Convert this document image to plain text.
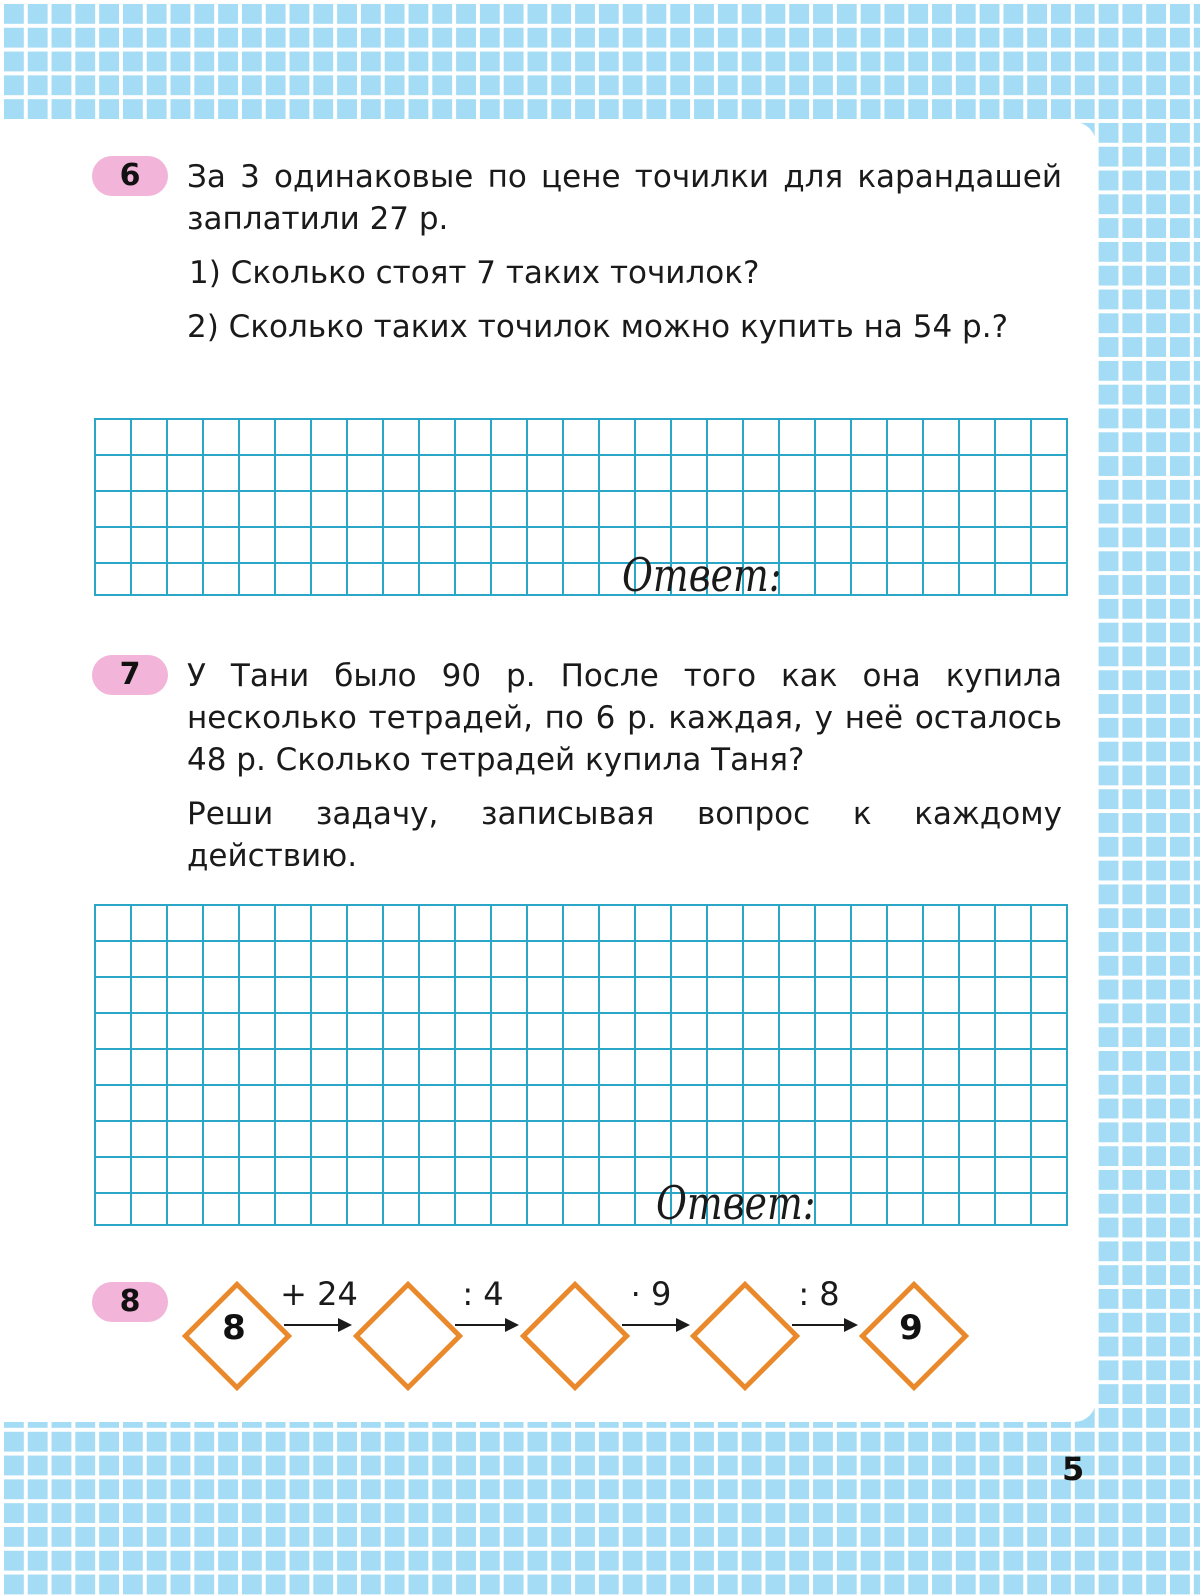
6	За 3 одинаковые по цене точилки для карандашей заплатили 27 р.

1) Сколько стоят 7 таких точилок?

2) Сколько таких точилок можно купить на 54 р.?

Ответ:
7	У Тани было 90 р. После того как она купила несколько тетрадей, по 6 р. каждая, у неё осталось 48 р. Сколько тетрадей купила Таня?

Реши задачу, записывая вопрос к каждому действию.

Ответ:
8
8
+ 24	: 4	· 9	: 8
9
5
